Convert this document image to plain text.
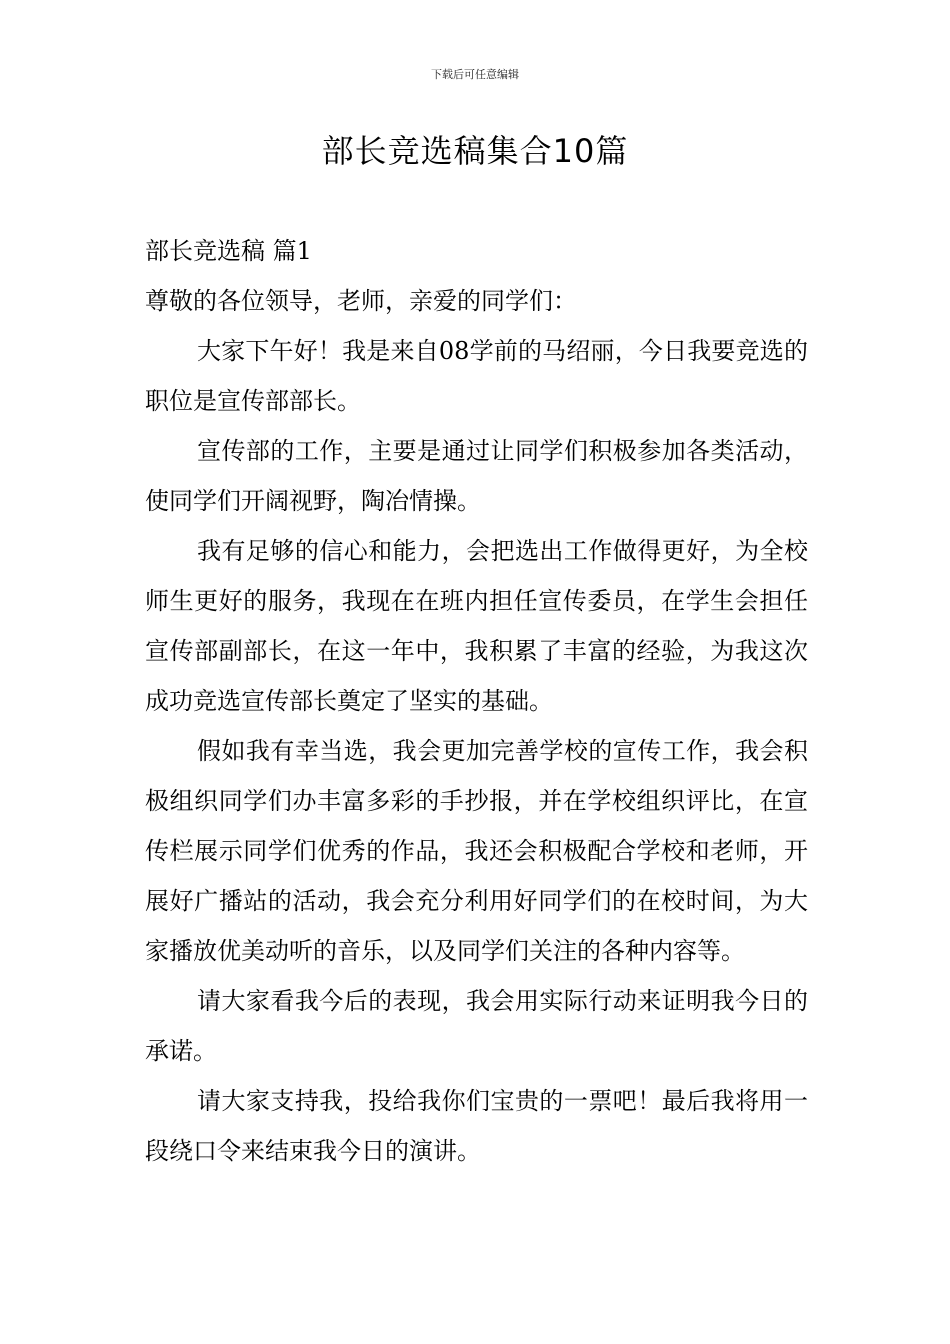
下载后可任意编辑
部长竞选稿集合10篇

部长竞选稿 篇1

尊敬的各位领导，老师，亲爱的同学们：

大家下午好！我是来自08学前的马绍丽，今日我要竞选的职位是宣传部部长。

宣传部的工作，主要是通过让同学们积极参加各类活动，使同学们开阔视野，陶冶情操。

我有足够的信心和能力，会把选出工作做得更好，为全校师生更好的服务，我现在在班内担任宣传委员，在学生会担任宣传部副部长，在这一年中，我积累了丰富的经验，为我这次成功竞选宣传部长奠定了坚实的基础。

假如我有幸当选，我会更加完善学校的宣传工作，我会积极组织同学们办丰富多彩的手抄报，并在学校组织评比，在宣传栏展示同学们优秀的作品，我还会积极配合学校和老师，开展好广播站的活动，我会充分利用好同学们的在校时间，为大家播放优美动听的音乐，以及同学们关注的各种内容等。

请大家看我今后的表现，我会用实际行动来证明我今日的承诺。

请大家支持我，投给我你们宝贵的一票吧！最后我将用一段绕口令来结束我今日的演讲。
